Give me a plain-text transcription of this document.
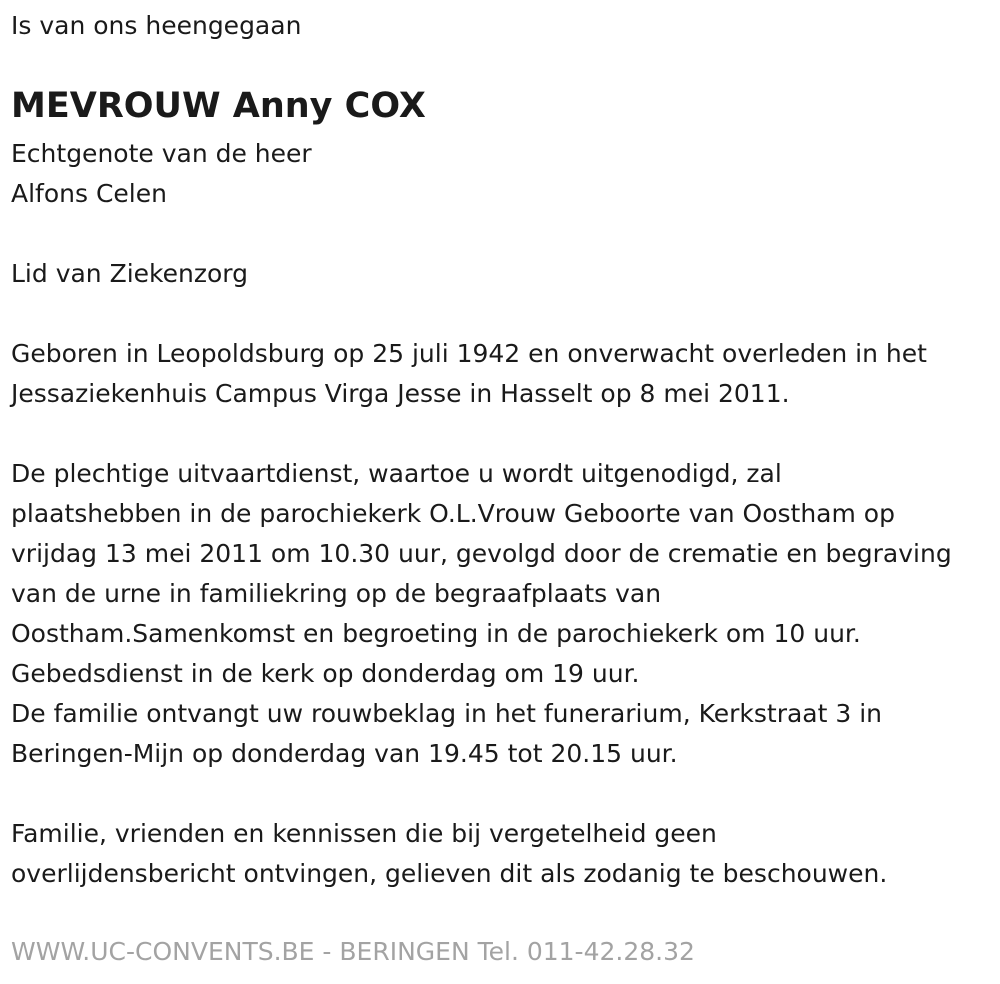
Is van ons heengegaan

MEVROUW Anny COX

Echtgenote van de heer

Alfons Celen

Lid van Ziekenzorg

Geboren in Leopoldsburg op 25 juli 1942 en onverwacht overleden in het

Jessaziekenhuis Campus Virga Jesse in Hasselt op 8 mei 2011.

De plechtige uitvaartdienst, waartoe u wordt uitgenodigd, zal

plaatshebben in de parochiekerk O.L.Vrouw Geboorte van Oostham op

vrijdag 13 mei 2011 om 10.30 uur, gevolgd door de crematie en begraving

van de urne in familiekring op de begraafplaats van

Oostham.Samenkomst en begroeting in de parochiekerk om 10 uur.

Gebedsdienst in de kerk op donderdag om 19 uur.

De familie ontvangt uw rouwbeklag in het funerarium, Kerkstraat 3 in

Beringen-Mijn op donderdag van 19.45 tot 20.15 uur.

Familie, vrienden en kennissen die bij vergetelheid geen

overlijdensbericht ontvingen, gelieven dit als zodanig te beschouwen.

WWW.UC-CONVENTS.BE - BERINGEN Tel. 011-42.28.32
